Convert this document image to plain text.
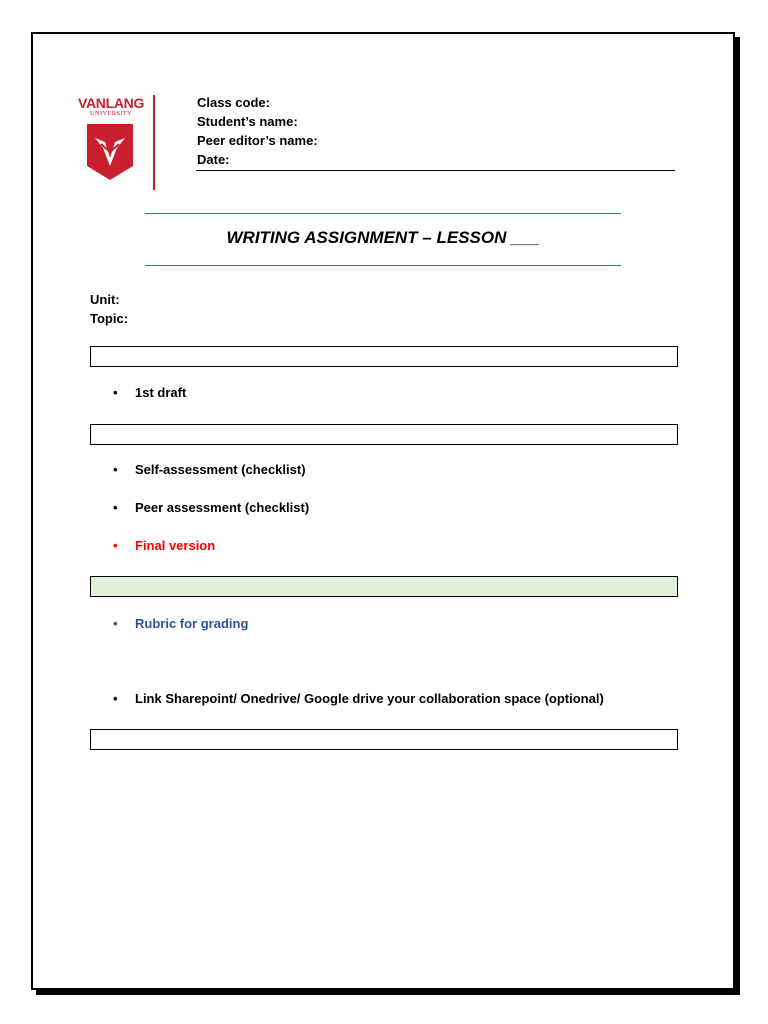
VANLANG
UNIVERSITY
Class code:
Student’s name:
Peer editor’s name:
Date:
WRITING ASSIGNMENT – LESSON ___
Unit:
Topic:
•	1st draft
•	Self-assessment (checklist)
•	Peer assessment (checklist)
•	Final version
•	Rubric for grading
•	Link Sharepoint/ Onedrive/ Google drive your collaboration space (optional)
